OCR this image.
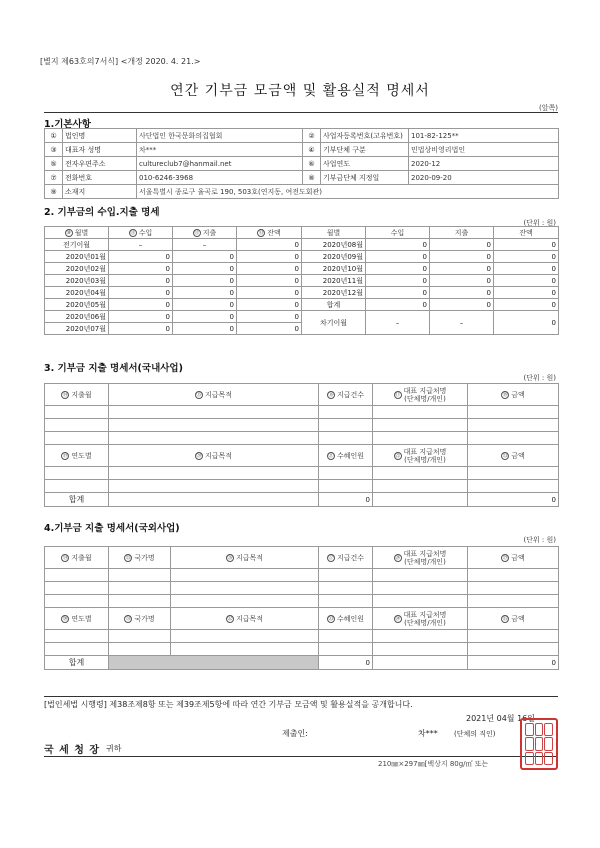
[별지 제63호의7서식] <개정 2020. 4. 21.>
연간 기부금 모금액 및 활용실적 명세서
(앞쪽)
1.기본사항
①	법인명	사단법인 한국문화의집협회	②	사업자등록번호(고유번호)	101-82-125**
③	대표자 성명	차***	④	기부단체 구분	민법상비영리법인
⑤	전자우편주소	cultureclub7@hanmail.net	⑥	사업연도	2020-12
⑦	전화번호	010-6246-3968	⑧	기부금단체 지정일	2020-09-20
⑨	소재지	서울특별시 종로구 율곡로 190, 503호(연지동, 여전도회관)			
2. 기부금의 수입.지출 명세
(단위 : 원)
⑩ 월별	⑪ 수입	⑫ 지출	⑬ 잔액	월별	수입	지출	잔액
전기이월	–	–	0	2020년08월	0	0	0
2020년01월	0	0	0	2020년09월	0	0	0
2020년02월	0	0	0	2020년10월	0	0	0
2020년03월	0	0	0	2020년11월	0	0	0
2020년04월	0	0	0	2020년12월	0	0	0
2020년05월	0	0	0	합계	0	0	0
2020년06월	0	0	0	차기이월	–	–	0
2020년07월	0	0	0				
3. 기부금 지출 명세서(국내사업)
(단위 : 원)
⑭ 지출월	⑮ 지급목적	⑯ 지급건수	⑰ 대표 지급처명
(단체명/개인)	⑱ 금액

⑲ 연도별	⑳ 지급목적	㉑ 수혜인원	㉒ 대표 지급처명
(단체명/개인)	㉓ 금액

합계		0		0
4.기부금 지출 명세서(국외사업)
(단위 : 원)
㉔ 지출월	㉕ 국가명	㉖ 지급목적	㉗ 지급건수	㉘ 대표 지급처명
(단체명/개인)	㉙ 금액

㉚ 연도별	㉛ 국가명	㉜ 지급목적	㉝ 수혜인원	㉞ 대표 지급처명
(단체명/개인)	㉟ 금액

합계			0		0
[법인세법 시행령] 제38조제8항 또는 제39조제5항에 따라 연간 기부금 모금액 및 활용실적을 공개합니다.
2021년 04월 16일
제출인:	차*** (단체의 직인)
국 세 청 장 귀하
210㎜×297㎜[백상지 80g/㎡ 또는
